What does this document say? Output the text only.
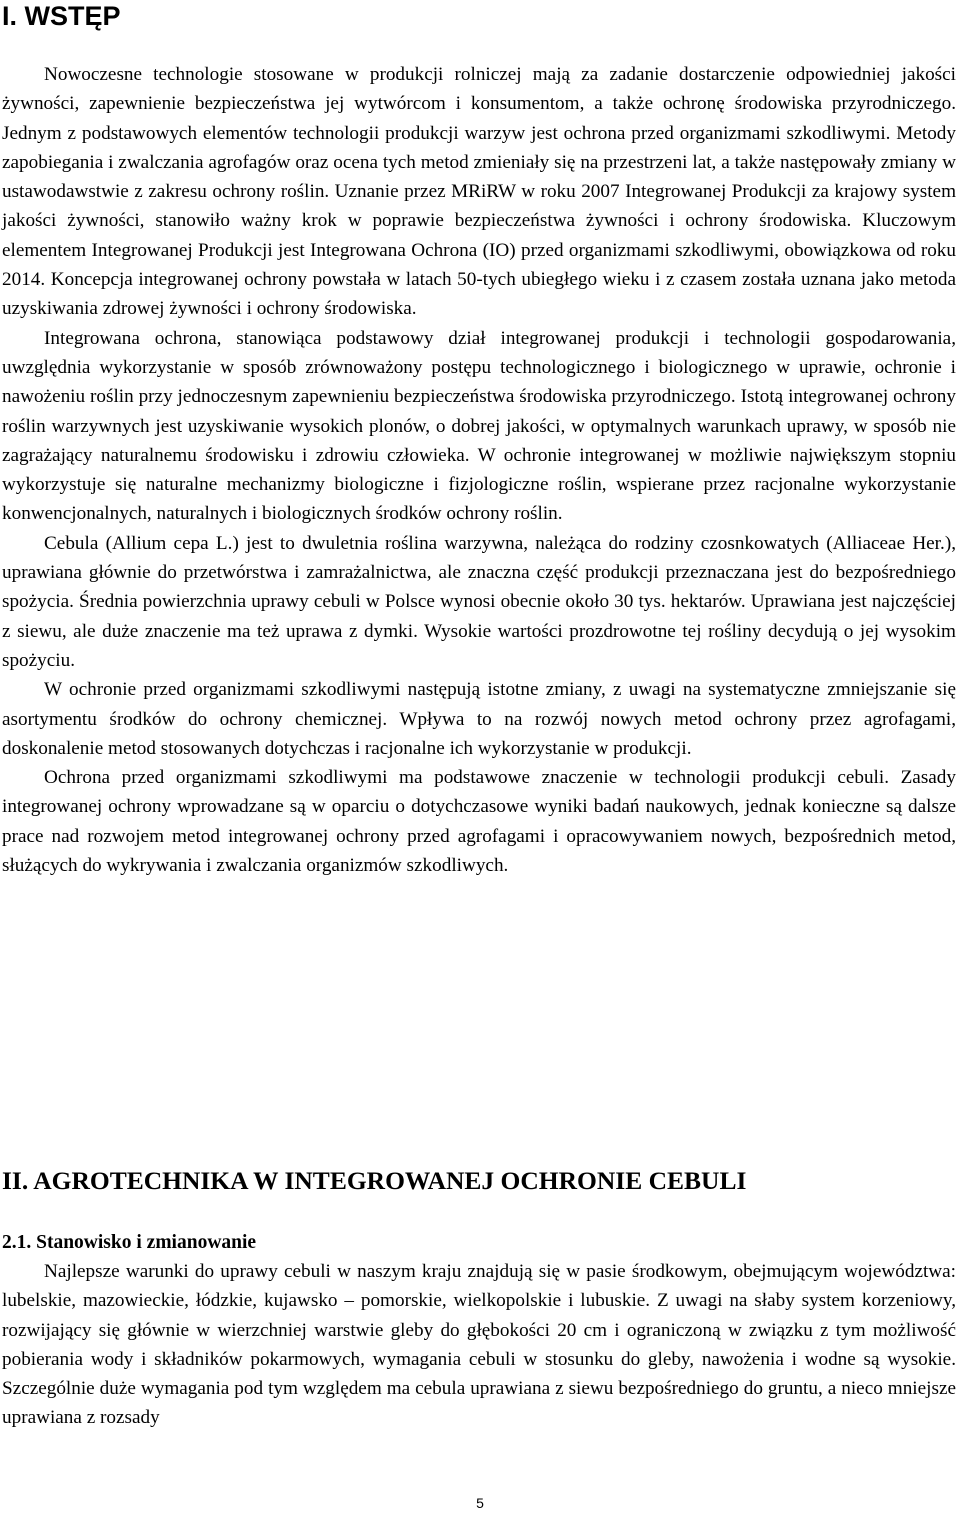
I. WSTĘP

Nowoczesne technologie stosowane w produkcji rolniczej mają za zadanie dostarczenie odpowiedniej jakości żywności, zapewnienie bezpieczeństwa jej wytwórcom i konsumentom, a także ochronę środowiska przyrodniczego. Jednym z podstawowych elementów technologii produkcji warzyw jest ochrona przed organizmami szkodliwymi. Metody zapobiegania i zwalczania agrofagów oraz ocena tych metod zmieniały się na przestrzeni lat, a także następowały zmiany w ustawodawstwie z zakresu ochrony roślin. Uznanie przez MRiRW w roku 2007 Integrowanej Produkcji za krajowy system jakości żywności, stanowiło ważny krok w poprawie bezpieczeństwa żywności i ochrony środowiska. Kluczowym elementem Integrowanej Produkcji jest Integrowana Ochrona (IO) przed organizmami szkodliwymi, obowiązkowa od roku 2014. Koncepcja integrowanej ochrony powstała w latach 50-tych ubiegłego wieku i z czasem została uznana jako metoda uzyskiwania zdrowej żywności i ochrony środowiska.

Integrowana ochrona, stanowiąca podstawowy dział integrowanej produkcji i technologii gospodarowania, uwzględnia wykorzystanie w sposób zrównoważony postępu technologicznego i biologicznego w uprawie, ochronie i nawożeniu roślin przy jednoczesnym zapewnieniu bezpieczeństwa środowiska przyrodniczego. Istotą integrowanej ochrony roślin warzywnych jest uzyskiwanie wysokich plonów, o dobrej jakości, w optymalnych warunkach uprawy, w sposób nie zagrażający naturalnemu środowisku i zdrowiu człowieka. W ochronie integrowanej w możliwie największym stopniu wykorzystuje się naturalne mechanizmy biologiczne i fizjologiczne roślin, wspierane przez racjonalne wykorzystanie konwencjonalnych, naturalnych i biologicznych środków ochrony roślin.

Cebula (Allium cepa L.) jest to dwuletnia roślina warzywna, należąca do rodziny czosnkowatych (Alliaceae Her.), uprawiana głównie do przetwórstwa i zamrażalnictwa, ale znaczna część produkcji przeznaczana jest do bezpośredniego spożycia. Średnia powierzchnia uprawy cebuli w Polsce wynosi obecnie około 30 tys. hektarów. Uprawiana jest najczęściej z siewu, ale duże znaczenie ma też uprawa z dymki. Wysokie wartości prozdrowotne tej rośliny decydują o jej wysokim spożyciu.

W ochronie przed organizmami szkodliwymi następują istotne zmiany, z uwagi na systematyczne zmniejszanie się asortymentu środków do ochrony chemicznej. Wpływa to na rozwój nowych metod ochrony przez agrofagami, doskonalenie metod stosowanych dotychczas i racjonalne ich wykorzystanie w produkcji.

Ochrona przed organizmami szkodliwymi ma podstawowe znaczenie w technologii produkcji cebuli. Zasady integrowanej ochrony wprowadzane są w oparciu o dotychczasowe wyniki badań naukowych, jednak konieczne są dalsze prace nad rozwojem metod integrowanej ochrony przed agrofagami i opracowywaniem nowych, bezpośrednich metod, służących do wykrywania i zwalczania organizmów szkodliwych.

II. AGROTECHNIKA W INTEGROWANEJ OCHRONIE CEBULI
2.1. Stanowisko i zmianowanie

Najlepsze warunki do uprawy cebuli w naszym kraju znajdują się w pasie środkowym, obejmującym województwa: lubelskie, mazowieckie, łódzkie, kujawsko – pomorskie, wielkopolskie i lubuskie. Z uwagi na słaby system korzeniowy, rozwijający się głównie w wierzchniej warstwie gleby do głębokości 20 cm i ograniczoną w związku z tym możliwość pobierania wody i składników pokarmowych, wymagania cebuli w stosunku do gleby, nawożenia i wodne są wysokie. Szczególnie duże wymagania pod tym względem ma cebula uprawiana z siewu bezpośredniego do gruntu, a nieco mniejsze uprawiana z rozsady

5
